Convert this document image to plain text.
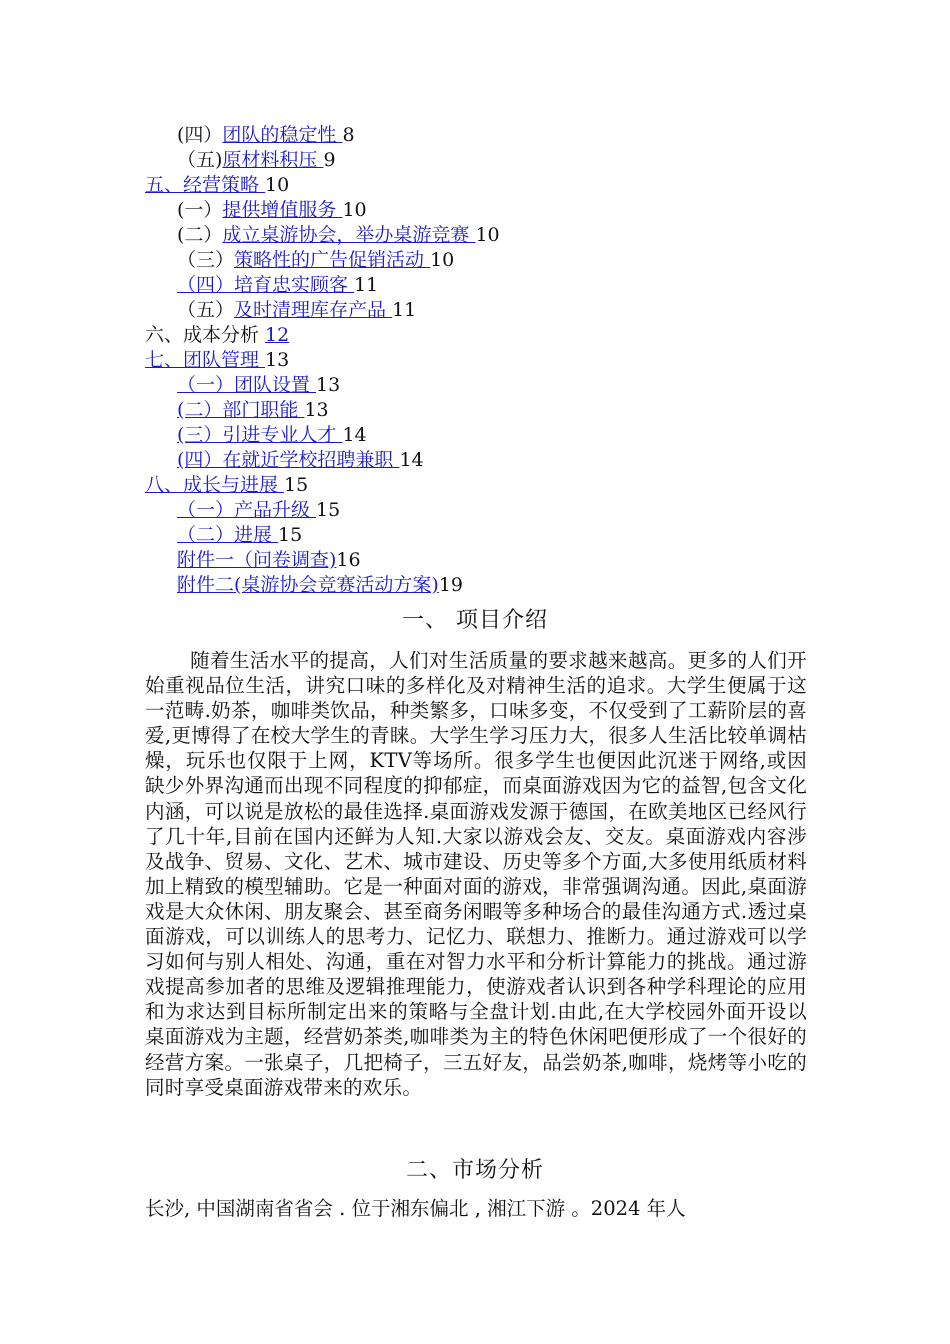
(四）团队的稳定性 8
（五)原材料积压 9
五、经营策略 10
(一）提供增值服务 10
(二）成立桌游协会，举办桌游竞赛 10
（三）策略性的广告促销活动 10
（四）培育忠实顾客 11
（五）及时清理库存产品 11
六、成本分析 12
七、团队管理 13
（一）团队设置 13
(二）部门职能 13
(三）引进专业人才 14
(四）在就近学校招聘兼职 14
八、成长与进展 15
（一）产品升级 15
（二）进展 15
附件一（问卷调查)16
附件二(桌游协会竞赛活动方案)19
一、 项目介绍
随着生活水平的提高，人们对生活质量的要求越来越高。更多的人们开始重视品位生活，讲究口味的多样化及对精神生活的追求。大学生便属于这一范畴.奶茶，咖啡类饮品，种类繁多，口味多变，不仅受到了工薪阶层的喜爱,更博得了在校大学生的青睐。大学生学习压力大，很多人生活比较单调枯燥，玩乐也仅限于上网，KTV等场所。很多学生也便因此沉迷于网络,或因缺少外界沟通而出现不同程度的抑郁症，而桌面游戏因为它的益智,包含文化内涵，可以说是放松的最佳选择.桌面游戏发源于德国，在欧美地区已经风行了几十年,目前在国内还鲜为人知.大家以游戏会友、交友。桌面游戏内容涉及战争、贸易、文化、艺术、城市建设、历史等多个方面,大多使用纸质材料加上精致的模型辅助。它是一种面对面的游戏，非常强调沟通。因此,桌面游戏是大众休闲、朋友聚会、甚至商务闲暇等多种场合的最佳沟通方式.透过桌面游戏，可以训练人的思考力、记忆力、联想力、推断力。通过游戏可以学习如何与别人相处、沟通，重在对智力水平和分析计算能力的挑战。通过游戏提高参加者的思维及逻辑推理能力，使游戏者认识到各种学科理论的应用和为求达到目标所制定出来的策略与全盘计划.由此,在大学校园外面开设以桌面游戏为主题，经营奶茶类,咖啡类为主的特色休闲吧便形成了一个很好的经营方案。一张桌子，几把椅子，三五好友，品尝奶茶,咖啡，烧烤等小吃的同时享受桌面游戏带来的欢乐。
二、市场分析
长沙, 中国湖南省省会 . 位于湘东偏北 , 湘江下游 。2024 年人
